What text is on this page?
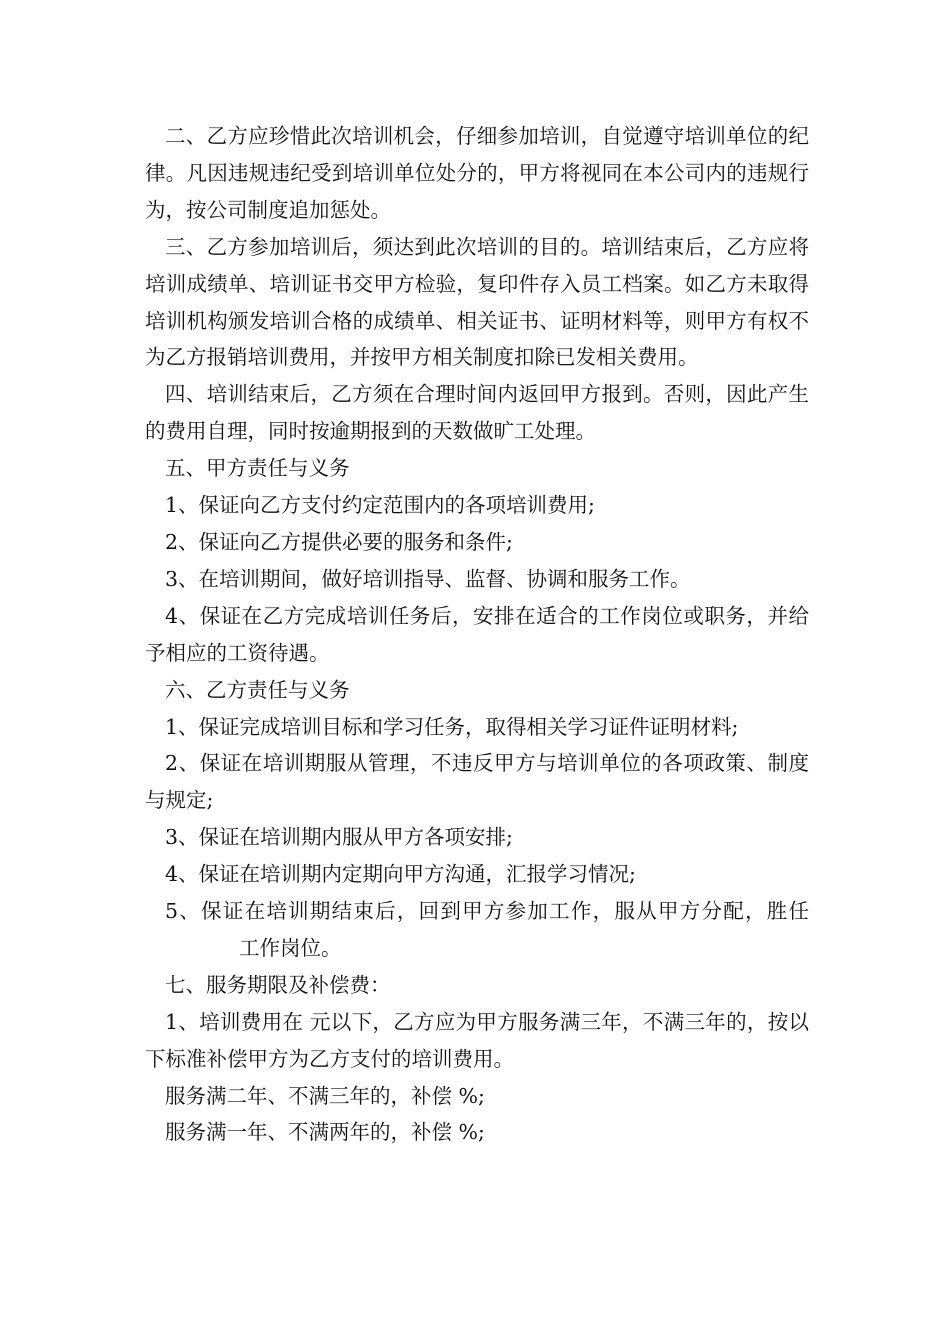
二、乙方应珍惜此次培训机会，仔细参加培训，自觉遵守培训单位的纪律。凡因违规违纪受到培训单位处分的，甲方将视同在本公司内的违规行为，按公司制度追加惩处。

三、乙方参加培训后，须达到此次培训的目的。培训结束后，乙方应将培训成绩单、培训证书交甲方检验，复印件存入员工档案。如乙方未取得培训机构颁发培训合格的成绩单、相关证书、证明材料等，则甲方有权不为乙方报销培训费用，并按甲方相关制度扣除已发相关费用。

四、培训结束后，乙方须在合理时间内返回甲方报到。否则，因此产生的费用自理，同时按逾期报到的天数做旷工处理。

五、甲方责任与义务

1、保证向乙方支付约定范围内的各项培训费用;

2、保证向乙方提供必要的服务和条件;

3、在培训期间，做好培训指导、监督、协调和服务工作。

4、保证在乙方完成培训任务后，安排在适合的工作岗位或职务，并给予相应的工资待遇。

六、乙方责任与义务

1、保证完成培训目标和学习任务，取得相关学习证件证明材料;

2、保证在培训期服从管理，不违反甲方与培训单位的各项政策、制度与规定;

3、保证在培训期内服从甲方各项安排;

4、保证在培训期内定期向甲方沟通，汇报学习情况;

5、保证在培训期结束后，回到甲方参加工作，服从甲方分配，胜任工作岗位。

七、服务期限及补偿费：

1、培训费用在 元以下，乙方应为甲方服务满三年，不满三年的，按以下标准补偿甲方为乙方支付的培训费用。

服务满二年、不满三年的，补偿 %;

服务满一年、不满两年的，补偿 %;
